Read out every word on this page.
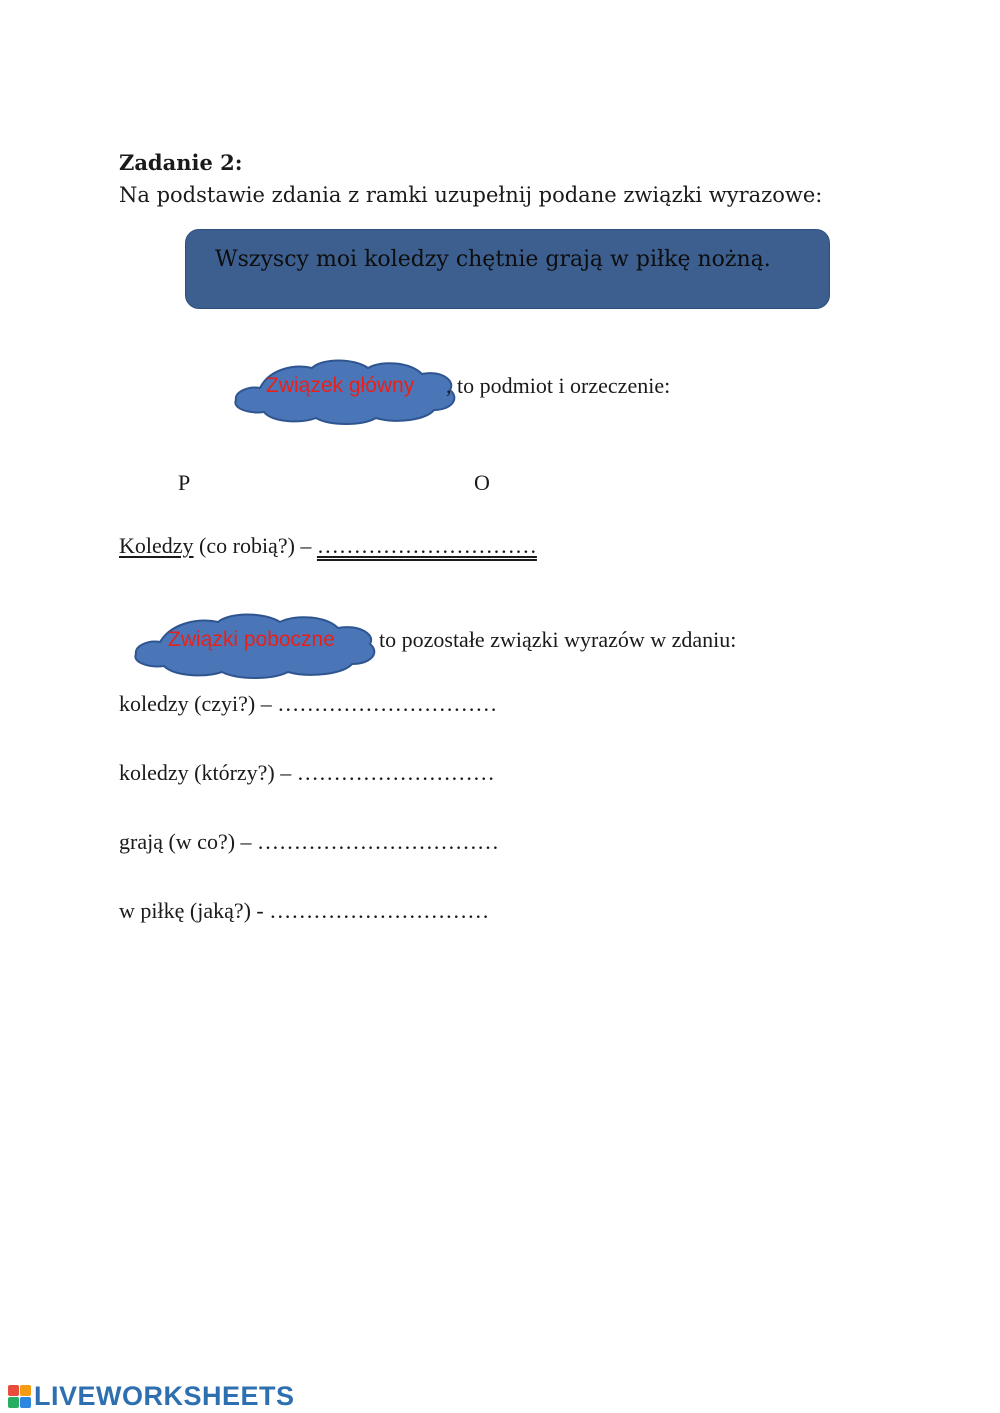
Zadanie 2:
Na podstawie zdania z ramki uzupełnij podane związki wyrazowe:
Wszyscy moi koledzy chętnie grają w piłkę nożną.
Związek główny , to podmiot i orzeczenie:
P	O
Koledzy (co robią?) – …………………………
Związki poboczne to pozostałe związki wyrazów w zdaniu:
koledzy (czyi?) – …………………………
koledzy (którzy?) – ………………………
grają (w co?) – ……………………………
w piłkę (jaką?) - …………………………
LIVEWORKSHEETS
